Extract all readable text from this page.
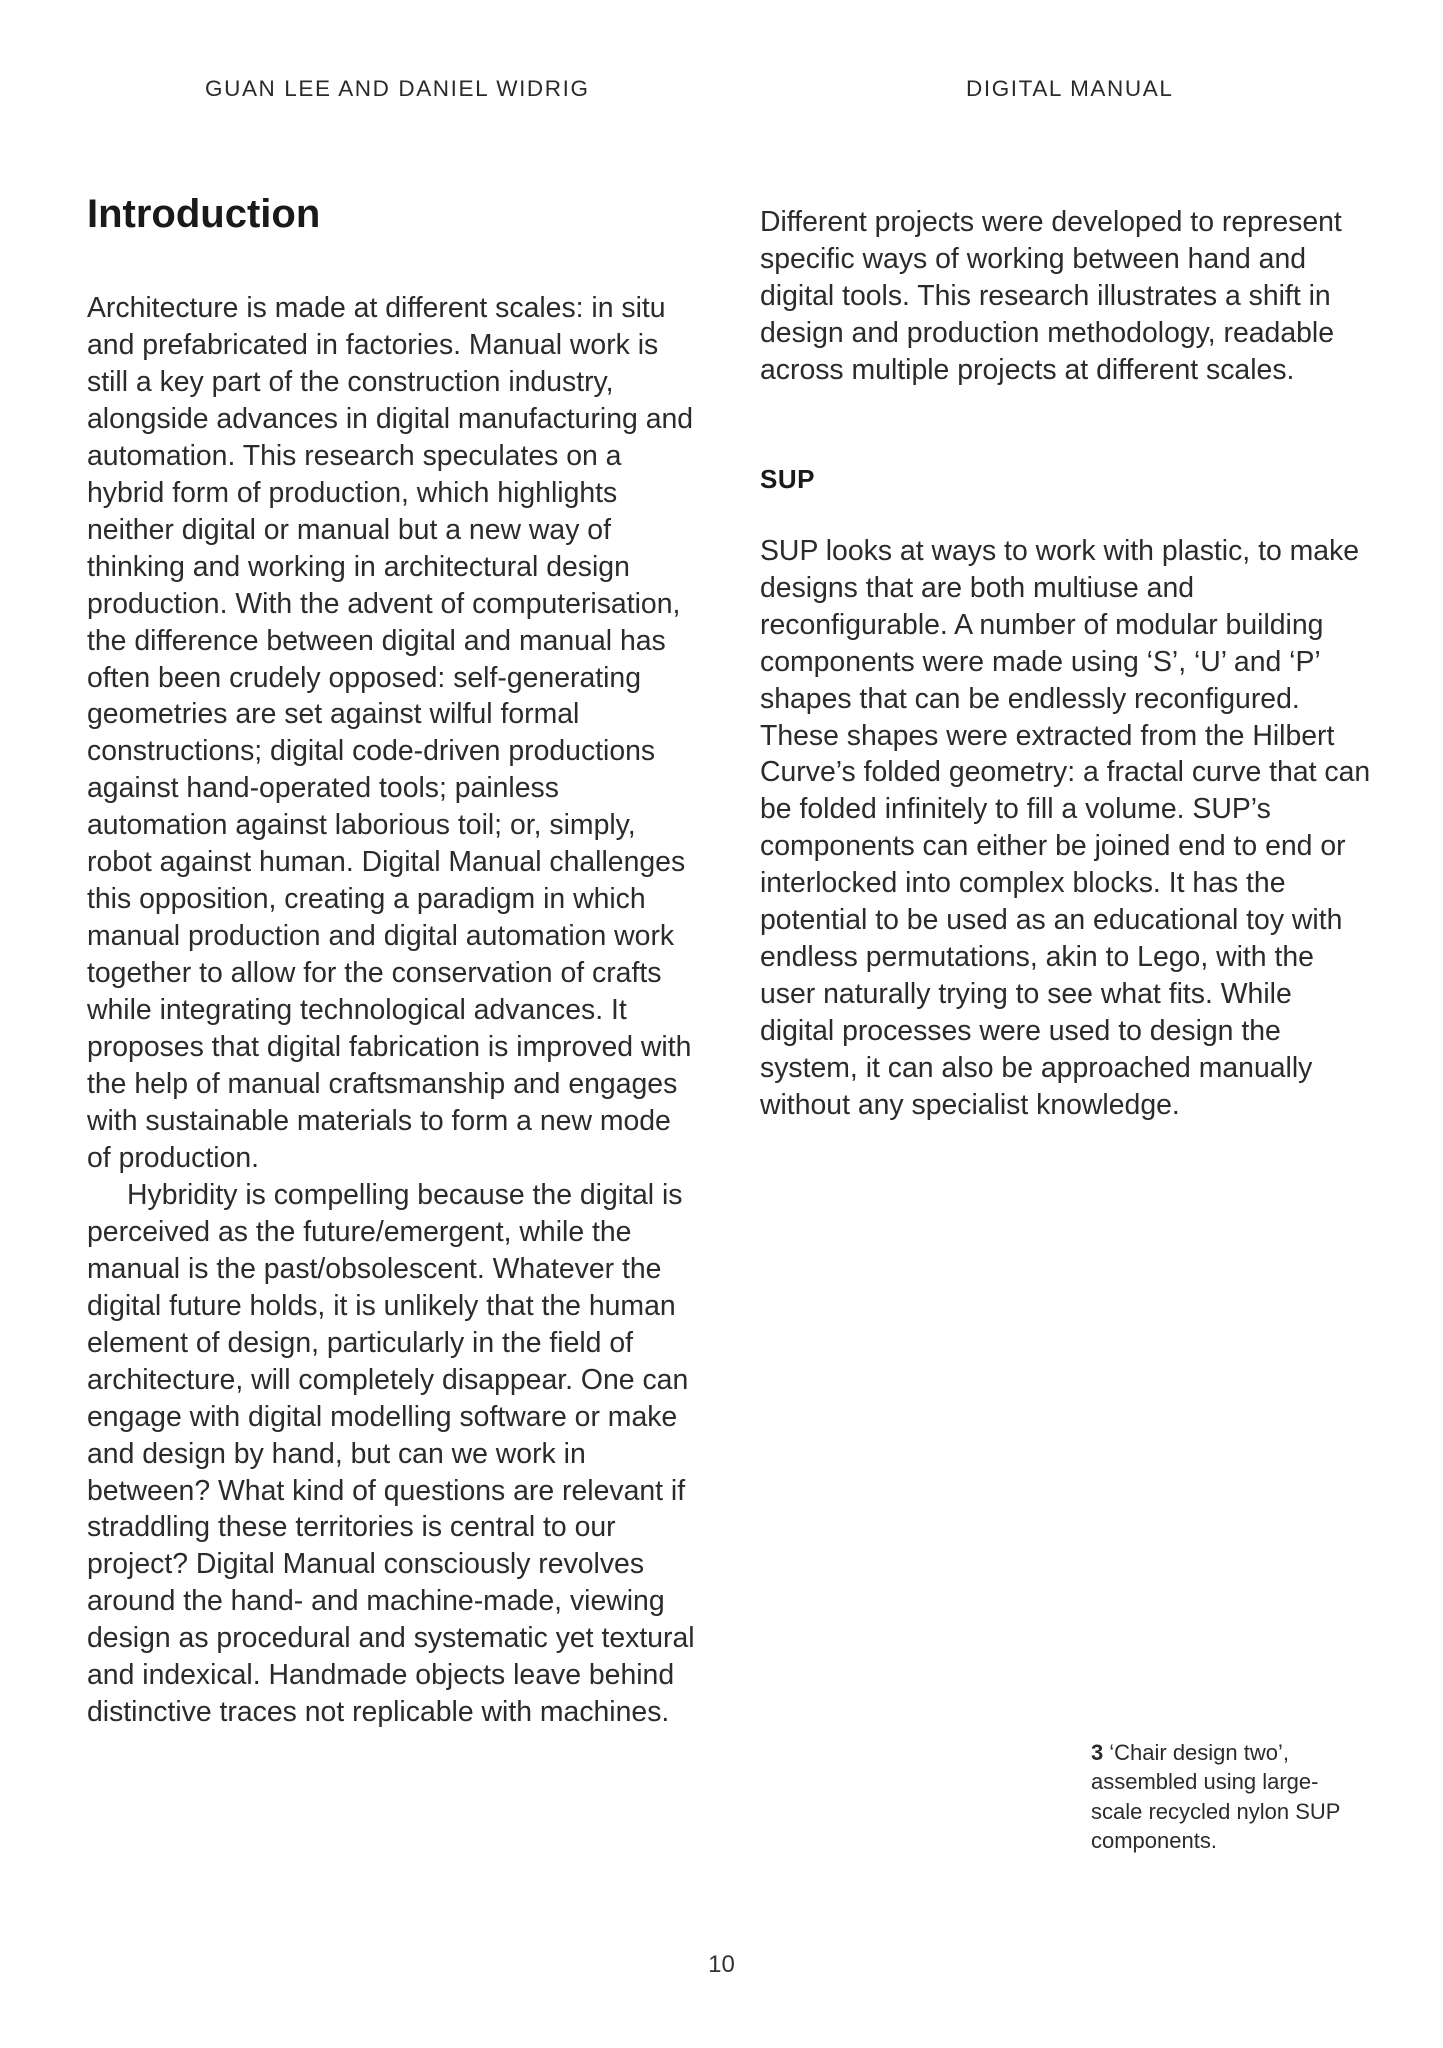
GUAN LEE AND DANIEL WIDRIG	DIGITAL MANUAL
Introduction

Architecture is made at different scales: in situ and prefabricated in factories. Manual work is still a key part of the construction industry, alongside advances in digital manufacturing and automation. This research speculates on a hybrid form of production, which highlights neither digital or manual but a new way of thinking and working in architectural design production. With the advent of computerisation, the difference between digital and manual has often been crudely opposed: self-generating geometries are set against wilful formal constructions; digital code-driven productions against hand-operated tools; painless automation against laborious toil; or, simply, robot against human. Digital Manual challenges this opposition, creating a paradigm in which manual production and digital automation work together to allow for the conservation of crafts while integrating technological advances. It proposes that digital fabrication is improved with the help of manual craftsmanship and engages with sustainable materials to form a new mode of production.

Hybridity is compelling because the digital is perceived as the future/emergent, while the manual is the past/obsolescent. Whatever the digital future holds, it is unlikely that the human element of design, particularly in the field of architecture, will completely disappear. One can engage with digital modelling software or make and design by hand, but can we work in between? What kind of questions are relevant if straddling these territories is central to our project? Digital Manual consciously revolves around the hand- and machine-made, viewing design as procedural and systematic yet textural and indexical. Handmade objects leave behind distinctive traces not replicable with machines.

Different projects were developed to represent specific ways of working between hand and digital tools. This research illustrates a shift in design and production methodology, readable across multiple projects at different scales.

SUP

SUP looks at ways to work with plastic, to make designs that are both multiuse and reconfigurable. A number of modular building components were made using ‘S’, ‘U’ and ‘P’ shapes that can be endlessly reconfigured. These shapes were extracted from the Hilbert Curve’s folded geometry: a fractal curve that can be folded infinitely to fill a volume. SUP’s components can either be joined end to end or interlocked into complex blocks. It has the potential to be used as an educational toy with endless permutations, akin to Lego, with the user naturally trying to see what fits. While digital processes were used to design the system, it can also be approached manually without any specialist knowledge.

3 ‘Chair design two’, assembled using large-scale recycled nylon SUP components.
10
